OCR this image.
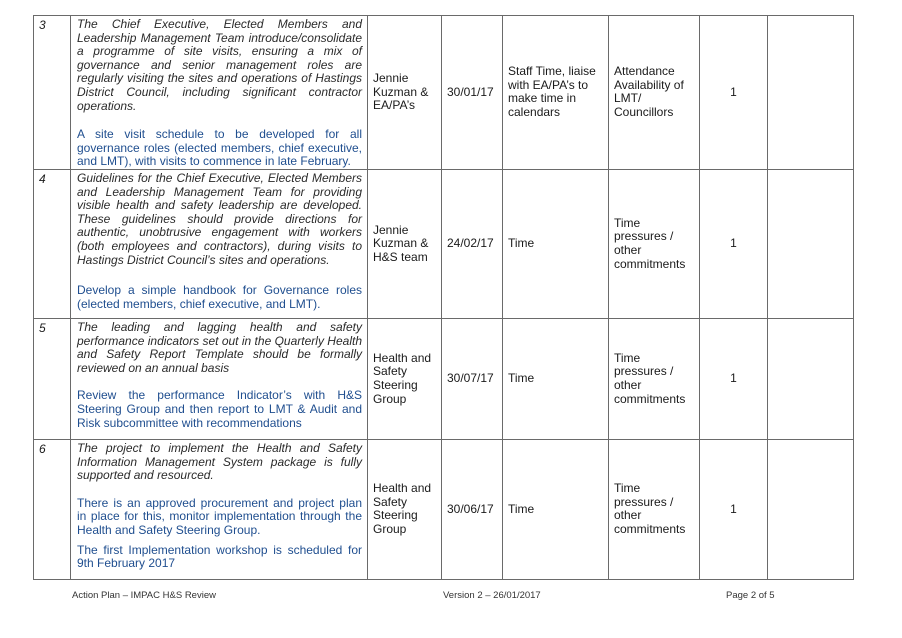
3	The Chief Executive, Elected Members and Leadership Management Team introduce/consolidate a programme of site visits, ensuring a mix of governance and senior management roles are regularly visiting the sites and operations of Hastings District Council, including significant contractor operations.

A site visit schedule to be developed for all governance roles (elected members, chief executive, and LMT), with visits to commence in late February.	Jennie Kuzman & EA/PA’s	30/01/17	Staff Time, liaise with EA/PA’s to make time in calendars	Attendance Availability of LMT/ Councillors	1	
4	Guidelines for the Chief Executive, Elected Members and Leadership Management Team for providing visible health and safety leadership are developed. These guidelines should provide directions for authentic, unobtrusive engagement with workers (both employees and contractors), during visits to Hastings District Council’s sites and operations.

Develop a simple handbook for Governance roles (elected members, chief executive, and LMT).	Jennie Kuzman & H&S team	24/02/17	Time	Time pressures / other commitments	1	
5	The leading and lagging health and safety performance indicators set out in the Quarterly Health and Safety Report Template should be formally reviewed on an annual basis

Review the performance Indicator’s with H&S Steering Group and then report to LMT & Audit and Risk subcommittee with recommendations	Health and Safety Steering Group	30/07/17	Time	Time pressures / other commitments	1	
6	The project to implement the Health and Safety Information Management System package is fully supported and resourced.

There is an approved procurement and project plan in place for this, monitor implementation through the Health and Safety Steering Group.

The first Implementation workshop is scheduled for 9th February 2017	Health and Safety Steering Group	30/06/17	Time	Time pressures / other commitments	1	
Action Plan – IMPAC H&S Review	Version 2 – 26/01/2017	Page 2 of 5
